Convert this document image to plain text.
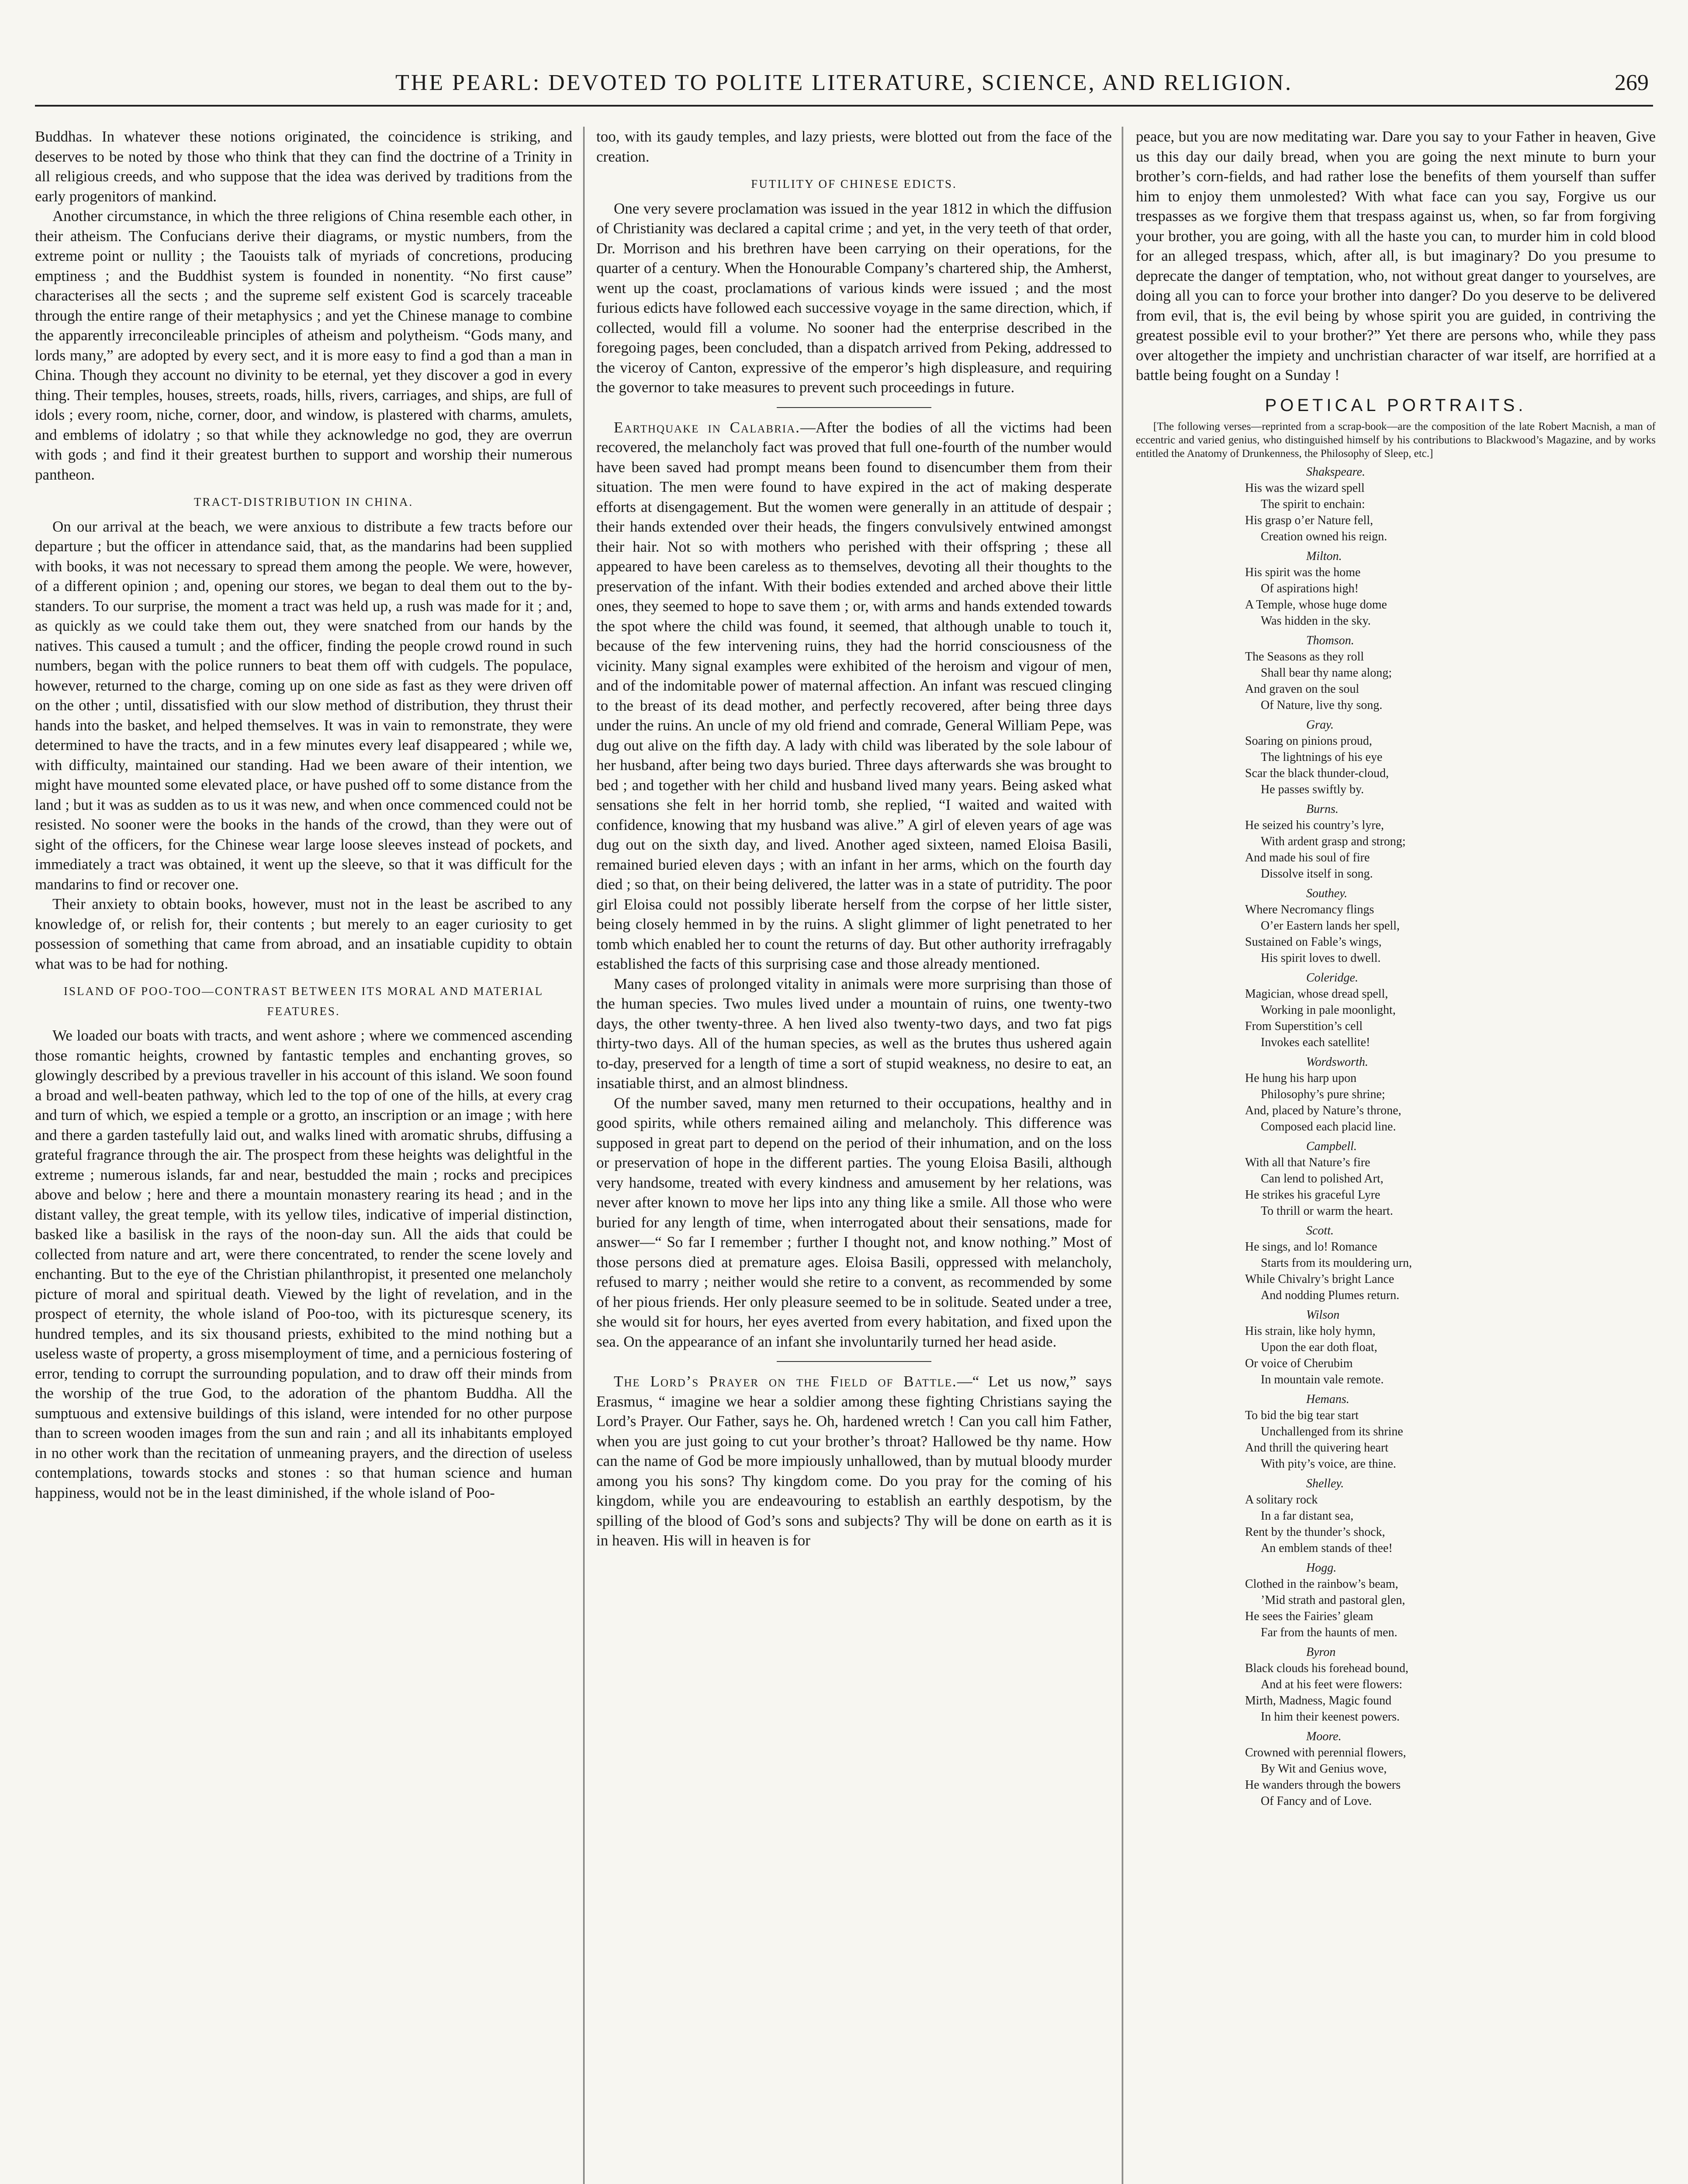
THE PEARL: DEVOTED TO POLITE LITERATURE, SCIENCE, AND RELIGION.	269

Buddhas. In whatever these notions originated, the coincidence is striking, and deserves to be noted by those who think that they can find the doctrine of a Trinity in all religious creeds, and who suppose that the idea was derived by traditions from the early progenitors of mankind.

Another circumstance, in which the three religions of China resemble each other, in their atheism. The Confucians derive their diagrams, or mystic numbers, from the extreme point or nullity ; the Taouists talk of myriads of concretions, producing emptiness ; and the Buddhist system is founded in nonentity. “No first cause” characterises all the sects ; and the supreme self existent God is scarcely traceable through the entire range of their metaphysics ; and yet the Chinese manage to combine the apparently irreconcileable principles of atheism and polytheism. “Gods many, and lords many,” are adopted by every sect, and it is more easy to find a god than a man in China. Though they account no divinity to be eternal, yet they discover a god in every thing. Their temples, houses, streets, roads, hills, rivers, carriages, and ships, are full of idols ; every room, niche, corner, door, and window, is plastered with charms, amulets, and emblems of idolatry ; so that while they acknowledge no god, they are overrun with gods ; and find it their greatest burthen to support and worship their numerous pantheon.

TRACT-DISTRIBUTION IN CHINA.

On our arrival at the beach, we were anxious to distribute a few tracts before our departure ; but the officer in attendance said, that, as the mandarins had been supplied with books, it was not necessary to spread them among the people. We were, however, of a different opinion ; and, opening our stores, we began to deal them out to the by-standers. To our surprise, the moment a tract was held up, a rush was made for it ; and, as quickly as we could take them out, they were snatched from our hands by the natives. This caused a tumult ; and the officer, finding the people crowd round in such numbers, began with the police runners to beat them off with cudgels. The populace, however, returned to the charge, coming up on one side as fast as they were driven off on the other ; until, dissatisfied with our slow method of distribution, they thrust their hands into the basket, and helped themselves. It was in vain to remonstrate, they were determined to have the tracts, and in a few minutes every leaf disappeared ; while we, with difficulty, maintained our standing. Had we been aware of their intention, we might have mounted some elevated place, or have pushed off to some distance from the land ; but it was as sudden as to us it was new, and when once commenced could not be resisted. No sooner were the books in the hands of the crowd, than they were out of sight of the officers, for the Chinese wear large loose sleeves instead of pockets, and immediately a tract was obtained, it went up the sleeve, so that it was difficult for the mandarins to find or recover one.

Their anxiety to obtain books, however, must not in the least be ascribed to any knowledge of, or relish for, their contents ; but merely to an eager curiosity to get possession of something that came from abroad, and an insatiable cupidity to obtain what was to be had for nothing.

ISLAND OF POO-TOO—CONTRAST BETWEEN ITS MORAL AND MATERIAL FEATURES.

We loaded our boats with tracts, and went ashore ; where we commenced ascending those romantic heights, crowned by fantastic temples and enchanting groves, so glowingly described by a previous traveller in his account of this island. We soon found a broad and well-beaten pathway, which led to the top of one of the hills, at every crag and turn of which, we espied a temple or a grotto, an inscription or an image ; with here and there a garden tastefully laid out, and walks lined with aromatic shrubs, diffusing a grateful fragrance through the air. The prospect from these heights was delightful in the extreme ; numerous islands, far and near, bestudded the main ; rocks and precipices above and below ; here and there a mountain monastery rearing its head ; and in the distant valley, the great temple, with its yellow tiles, indicative of imperial distinction, basked like a basilisk in the rays of the noon-day sun. All the aids that could be collected from nature and art, were there concentrated, to render the scene lovely and enchanting. But to the eye of the Christian philanthropist, it presented one melancholy picture of moral and spiritual death. Viewed by the light of revelation, and in the prospect of eternity, the whole island of Poo-too, with its picturesque scenery, its hundred temples, and its six thousand priests, exhibited to the mind nothing but a useless waste of property, a gross misemployment of time, and a pernicious fostering of error, tending to corrupt the surrounding population, and to draw off their minds from the worship of the true God, to the adoration of the phantom Buddha. All the sumptuous and extensive buildings of this island, were intended for no other purpose than to screen wooden images from the sun and rain ; and all its inhabitants employed in no other work than the recitation of unmeaning prayers, and the direction of useless contemplations, towards stocks and stones : so that human science and human happiness, would not be in the least diminished, if the whole island of Poo-

too, with its gaudy temples, and lazy priests, were blotted out from the face of the creation.

FUTILITY OF CHINESE EDICTS.

One very severe proclamation was issued in the year 1812 in which the diffusion of Christianity was declared a capital crime ; and yet, in the very teeth of that order, Dr. Morrison and his brethren have been carrying on their operations, for the quarter of a century. When the Honourable Company’s chartered ship, the Amherst, went up the coast, proclamations of various kinds were issued ; and the most furious edicts have followed each successive voyage in the same direction, which, if collected, would fill a volume. No sooner had the enterprise described in the foregoing pages, been concluded, than a dispatch arrived from Peking, addressed to the viceroy of Canton, expressive of the emperor’s high displeasure, and requiring the governor to take measures to prevent such proceedings in future.

Earthquake in Calabria.—After the bodies of all the victims had been recovered, the melancholy fact was proved that full one-fourth of the number would have been saved had prompt means been found to disencumber them from their situation. The men were found to have expired in the act of making desperate efforts at disengagement. But the women were generally in an attitude of despair ; their hands extended over their heads, the fingers convulsively entwined amongst their hair. Not so with mothers who perished with their offspring ; these all appeared to have been careless as to themselves, devoting all their thoughts to the preservation of the infant. With their bodies extended and arched above their little ones, they seemed to hope to save them ; or, with arms and hands extended towards the spot where the child was found, it seemed, that although unable to touch it, because of the few intervening ruins, they had the horrid consciousness of the vicinity. Many signal examples were exhibited of the heroism and vigour of men, and of the indomitable power of maternal affection. An infant was rescued clinging to the breast of its dead mother, and perfectly recovered, after being three days under the ruins. An uncle of my old friend and comrade, General William Pepe, was dug out alive on the fifth day. A lady with child was liberated by the sole labour of her husband, after being two days buried. Three days afterwards she was brought to bed ; and together with her child and husband lived many years. Being asked what sensations she felt in her horrid tomb, she replied, “I waited and waited with confidence, knowing that my husband was alive.” A girl of eleven years of age was dug out on the sixth day, and lived. Another aged sixteen, named Eloisa Basili, remained buried eleven days ; with an infant in her arms, which on the fourth day died ; so that, on their being delivered, the latter was in a state of putridity. The poor girl Eloisa could not possibly liberate herself from the corpse of her little sister, being closely hemmed in by the ruins. A slight glimmer of light penetrated to her tomb which enabled her to count the returns of day. But other authority irrefragably established the facts of this surprising case and those already mentioned.

Many cases of prolonged vitality in animals were more surprising than those of the human species. Two mules lived under a mountain of ruins, one twenty-two days, the other twenty-three. A hen lived also twenty-two days, and two fat pigs thirty-two days. All of the human species, as well as the brutes thus ushered again to-day, preserved for a length of time a sort of stupid weakness, no desire to eat, an insatiable thirst, and an almost blindness.

Of the number saved, many men returned to their occupations, healthy and in good spirits, while others remained ailing and melancholy. This difference was supposed in great part to depend on the period of their inhumation, and on the loss or preservation of hope in the different parties. The young Eloisa Basili, although very handsome, treated with every kindness and amusement by her relations, was never after known to move her lips into any thing like a smile. All those who were buried for any length of time, when interrogated about their sensations, made for answer—“ So far I remember ; further I thought not, and know nothing.” Most of those persons died at premature ages. Eloisa Basili, oppressed with melancholy, refused to marry ; neither would she retire to a convent, as recommended by some of her pious friends. Her only pleasure seemed to be in solitude. Seated under a tree, she would sit for hours, her eyes averted from every habitation, and fixed upon the sea. On the appearance of an infant she involuntarily turned her head aside.

The Lord’s Prayer on the Field of Battle.—“ Let us now,” says Erasmus, “ imagine we hear a soldier among these fighting Christians saying the Lord’s Prayer. Our Father, says he. Oh, hardened wretch ! Can you call him Father, when you are just going to cut your brother’s throat? Hallowed be thy name. How can the name of God be more impiously unhallowed, than by mutual bloody murder among you his sons? Thy kingdom come. Do you pray for the coming of his kingdom, while you are endeavouring to establish an earthly despotism, by the spilling of the blood of God’s sons and subjects? Thy will be done on earth as it is in heaven. His will in heaven is for

peace, but you are now meditating war. Dare you say to your Father in heaven, Give us this day our daily bread, when you are going the next minute to burn your brother’s corn-fields, and had rather lose the benefits of them yourself than suffer him to enjoy them unmolested? With what face can you say, Forgive us our trespasses as we forgive them that trespass against us, when, so far from forgiving your brother, you are going, with all the haste you can, to murder him in cold blood for an alleged trespass, which, after all, is but imaginary? Do you presume to deprecate the danger of temptation, who, not without great danger to yourselves, are doing all you can to force your brother into danger? Do you deserve to be delivered from evil, that is, the evil being by whose spirit you are guided, in contriving the greatest possible evil to your brother?” Yet there are persons who, while they pass over altogether the impiety and unchristian character of war itself, are horrified at a battle being fought on a Sunday !

POETICAL PORTRAITS.

[The following verses—reprinted from a scrap-book—are the composition of the late Robert Macnish, a man of eccentric and varied genius, who distinguished himself by his contributions to Blackwood’s Magazine, and by works entitled the Anatomy of Drunkenness, the Philosophy of Sleep, etc.]

Shakspeare.
His was the wizard spell
The spirit to enchain:
His grasp o’er Nature fell,
Creation owned his reign.
Milton.
His spirit was the home
Of aspirations high!
A Temple, whose huge dome
Was hidden in the sky.
Thomson.
The Seasons as they roll
Shall bear thy name along;
And graven on the soul
Of Nature, live thy song.
Gray.
Soaring on pinions proud,
The lightnings of his eye
Scar the black thunder-cloud,
He passes swiftly by.
Burns.
He seized his country’s lyre,
With ardent grasp and strong;
And made his soul of fire
Dissolve itself in song.
Southey.
Where Necromancy flings
O’er Eastern lands her spell,
Sustained on Fable’s wings,
His spirit loves to dwell.
Coleridge.
Magician, whose dread spell,
Working in pale moonlight,
From Superstition’s cell
Invokes each satellite!
Wordsworth.
He hung his harp upon
Philosophy’s pure shrine;
And, placed by Nature’s throne,
Composed each placid line.
Campbell.
With all that Nature’s fire
Can lend to polished Art,
He strikes his graceful Lyre
To thrill or warm the heart.
Scott.
He sings, and lo! Romance
Starts from its mouldering urn,
While Chivalry’s bright Lance
And nodding Plumes return.
Wilson
His strain, like holy hymn,
Upon the ear doth float,
Or voice of Cherubim
In mountain vale remote.
Hemans.
To bid the big tear start
Unchallenged from its shrine
And thrill the quivering heart
With pity’s voice, are thine.
Shelley.
A solitary rock
In a far distant sea,
Rent by the thunder’s shock,
An emblem stands of thee!
Hogg.
Clothed in the rainbow’s beam,
’Mid strath and pastoral glen,
He sees the Fairies’ gleam
Far from the haunts of men.
Byron
Black clouds his forehead bound,
And at his feet were flowers:
Mirth, Madness, Magic found
In him their keenest powers.
Moore.
Crowned with perennial flowers,
By Wit and Genius wove,
He wanders through the bowers
Of Fancy and of Love.
